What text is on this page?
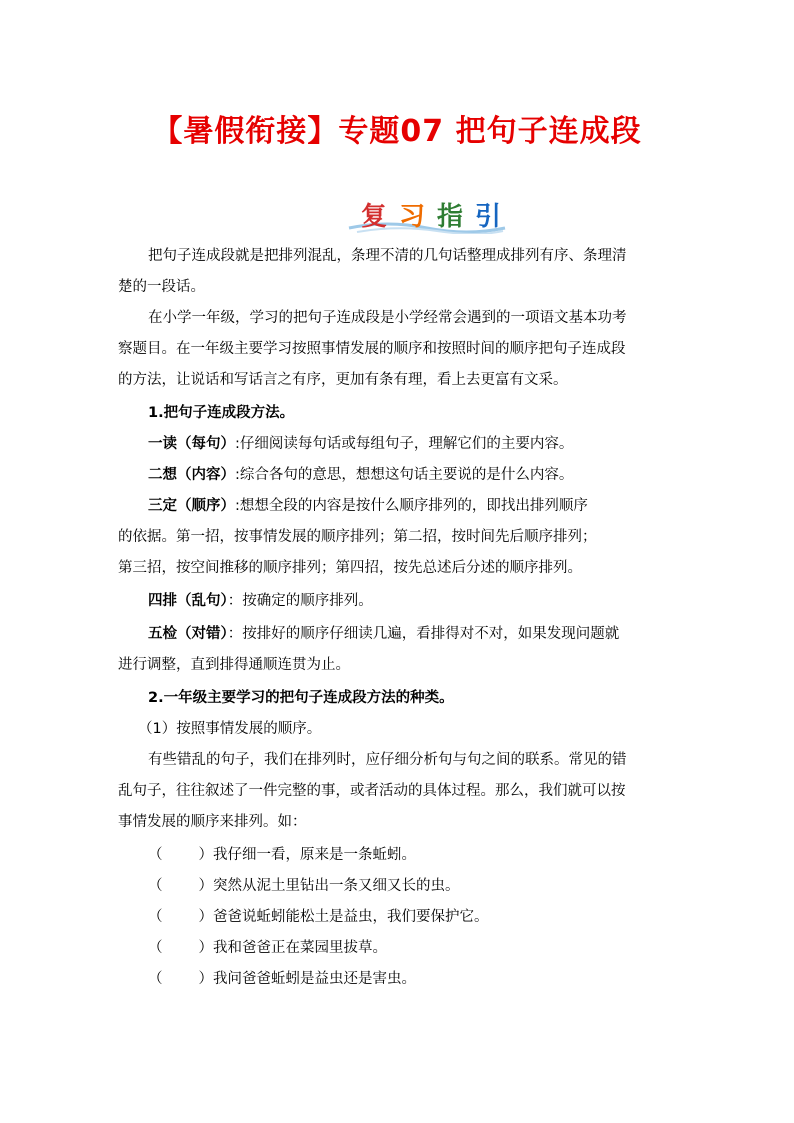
【暑假衔接】专题07 把句子连成段
复 习 指 引
把句子连成段就是把排列混乱，条理不清的几句话整理成排列有序、条理清
楚的一段话。
在小学一年级，学习的把句子连成段是小学经常会遇到的一项语文基本功考
察题目。在一年级主要学习按照事情发展的顺序和按照时间的顺序把句子连成段
的方法，让说话和写话言之有序，更加有条有理，看上去更富有文采。
1.把句子连成段方法。
一读（每句）:仔细阅读每句话或每组句子，理解它们的主要内容。
二想（内容）:综合各句的意思，想想这句话主要说的是什么内容。
三定（顺序）:想想全段的内容是按什么顺序排列的，即找出排列顺序
的依据。第一招，按事情发展的顺序排列；第二招，按时间先后顺序排列；
第三招，按空间推移的顺序排列；第四招，按先总述后分述的顺序排列。
四排（乱句）：按确定的顺序排列。
五检（对错）：按排好的顺序仔细读几遍，看排得对不对，如果发现问题就
进行调整，直到排得通顺连贯为止。
2.一年级主要学习的把句子连成段方法的种类。
（1）按照事情发展的顺序。
有些错乱的句子，我们在排列时，应仔细分析句与句之间的联系。常见的错
乱句子，往往叙述了一件完整的事，或者活动的具体过程。那么，我们就可以按
事情发展的顺序来排列。如：
（ ）我仔细一看，原来是一条蚯蚓。
（ ）突然从泥土里钻出一条又细又长的虫。
（ ）爸爸说蚯蚓能松土是益虫，我们要保护它。
（ ）我和爸爸正在菜园里拔草。
（ ）我问爸爸蚯蚓是益虫还是害虫。
